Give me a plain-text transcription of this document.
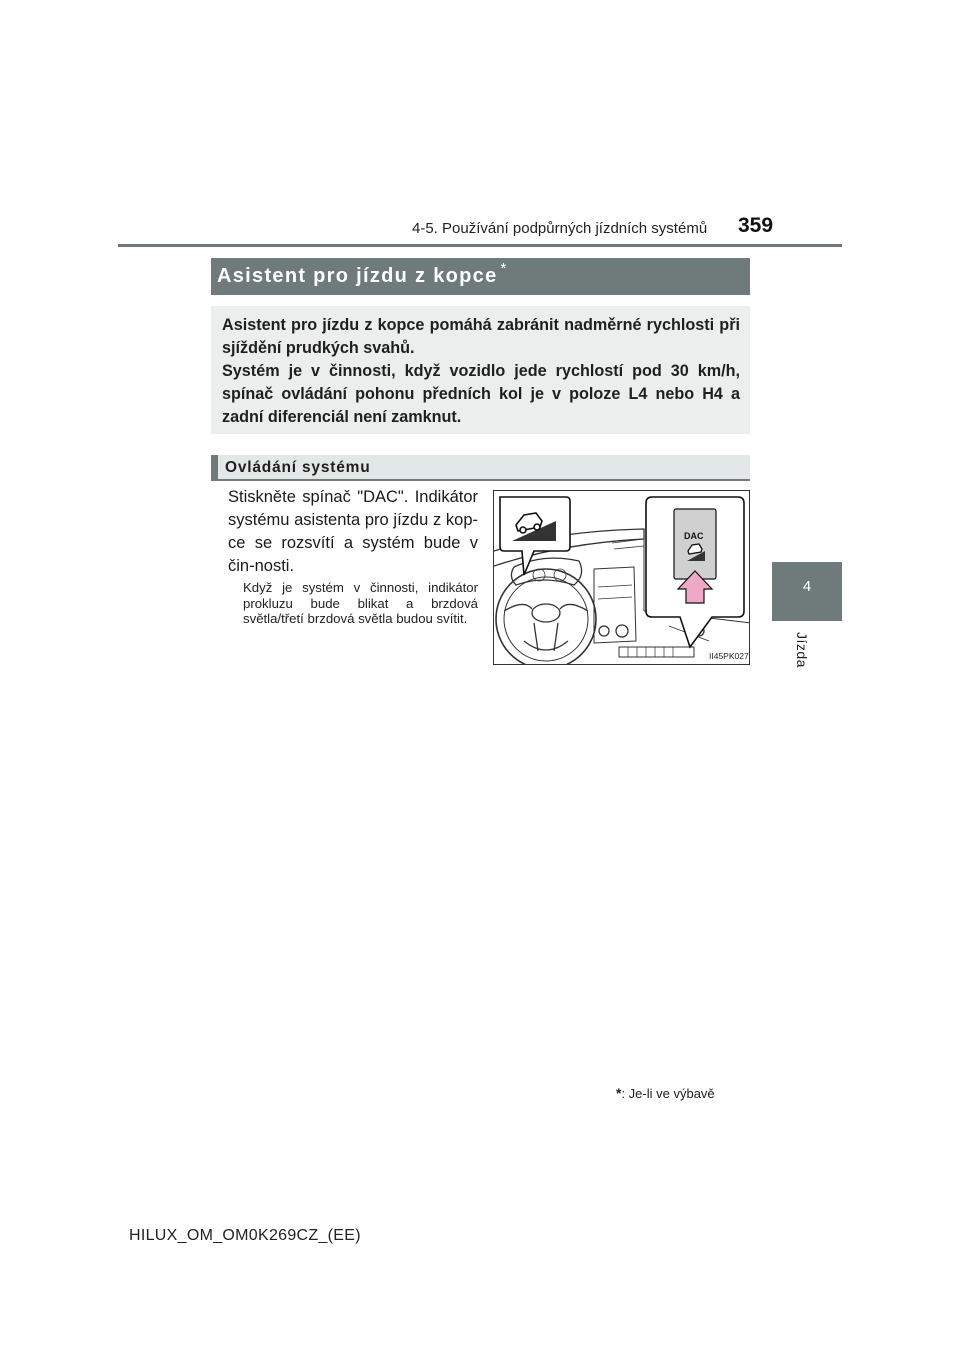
4-5. Používání podpůrných jízdních systémů 359
4
Jízda
Asistent pro jízdu z kopce *

Asistent pro jízdu z kopce pomáhá zabránit nadměrné rychlosti při sjíždění prudkých svahů.

Systém je v činnosti, když vozidlo jede rychlostí pod 30 km/h, spínač ovládání pohonu předních kol je v poloze L4 nebo H4 a zadní diferenciál není zamknut.

Ovládání systému
Stiskněte spínač "DAC". Indikátor systému asistenta pro jízdu z kop-ce se rozsvítí a systém bude v čin-nosti.
Když je systém v činnosti, indikátor prokluzu bude blikat a brzdová světla/třetí brzdová světla budou svítit.
DAC
II45PK027
*: Je-li ve výbavě
HILUX_OM_OM0K269CZ_(EE)
